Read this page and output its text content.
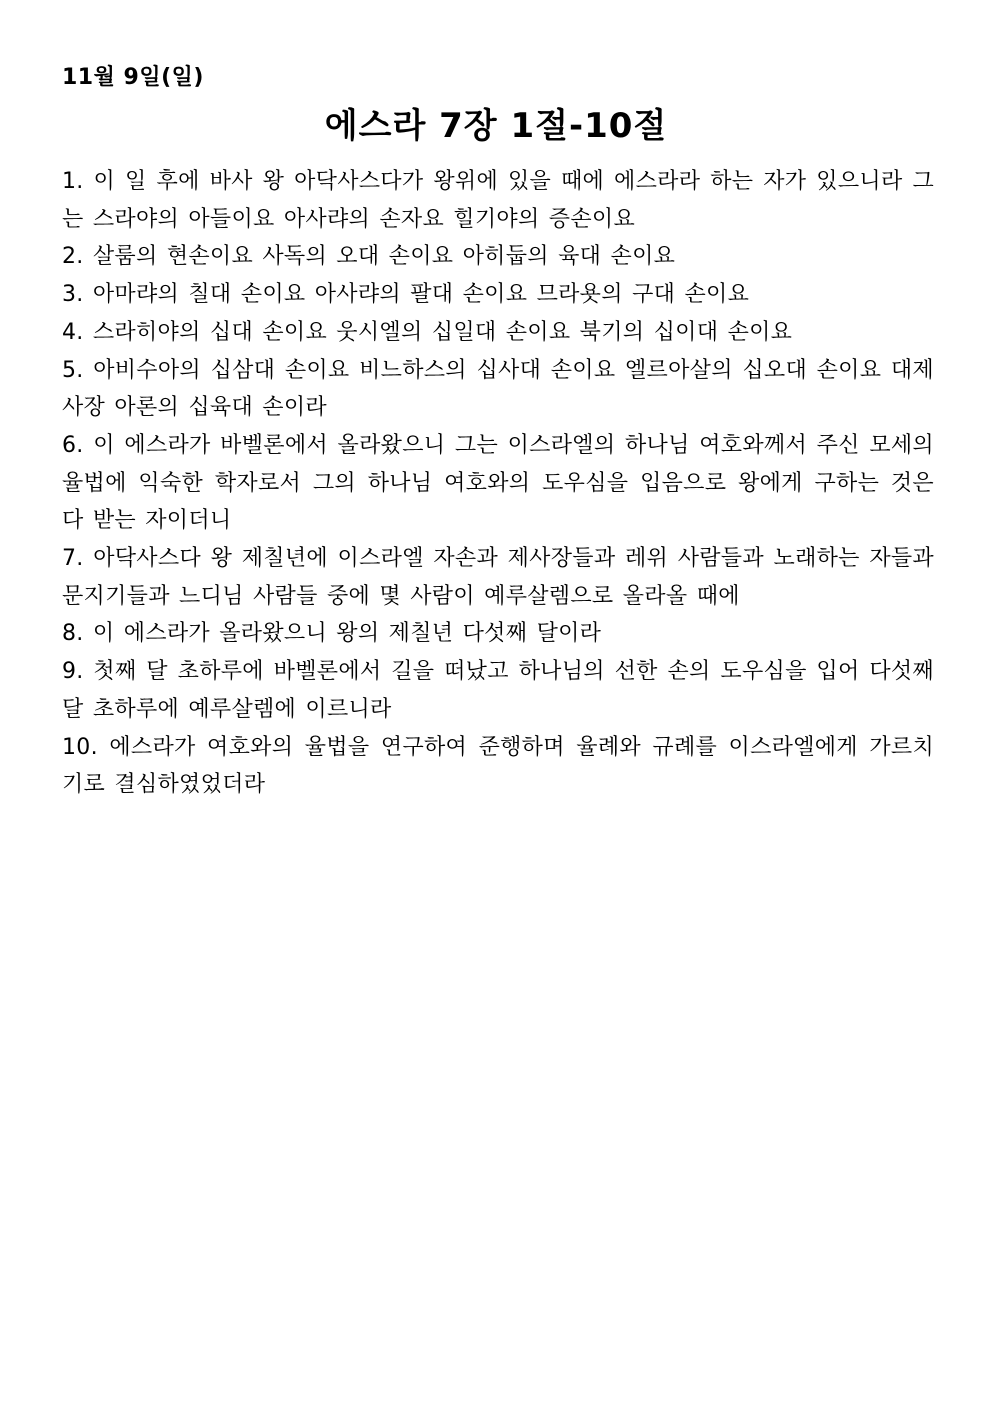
11월 9일(일)
에스라 7장 1절-10절
1. 이 일 후에 바사 왕 아닥사스다가 왕위에 있을 때에 에스라라 하는 자가 있으니라 그는 스라야의 아들이요 아사랴의 손자요 힐기야의 증손이요
2. 살룸의 현손이요 사독의 오대 손이요 아히둡의 육대 손이요
3. 아마랴의 칠대 손이요 아사랴의 팔대 손이요 므라욧의 구대 손이요
4. 스라히야의 십대 손이요 웃시엘의 십일대 손이요 북기의 십이대 손이요
5. 아비수아의 십삼대 손이요 비느하스의 십사대 손이요 엘르아살의 십오대 손이요 대제사장 아론의 십육대 손이라
6. 이 에스라가 바벨론에서 올라왔으니 그는 이스라엘의 하나님 여호와께서 주신 모세의 율법에 익숙한 학자로서 그의 하나님 여호와의 도우심을 입음으로 왕에게 구하는 것은 다 받는 자이더니
7. 아닥사스다 왕 제칠년에 이스라엘 자손과 제사장들과 레위 사람들과 노래하는 자들과 문지기들과 느디님 사람들 중에 몇 사람이 예루살렘으로 올라올 때에
8. 이 에스라가 올라왔으니 왕의 제칠년 다섯째 달이라
9. 첫째 달 초하루에 바벨론에서 길을 떠났고 하나님의 선한 손의 도우심을 입어 다섯째 달 초하루에 예루살렘에 이르니라
10. 에스라가 여호와의 율법을 연구하여 준행하며 율례와 규례를 이스라엘에게 가르치기로 결심하였었더라
